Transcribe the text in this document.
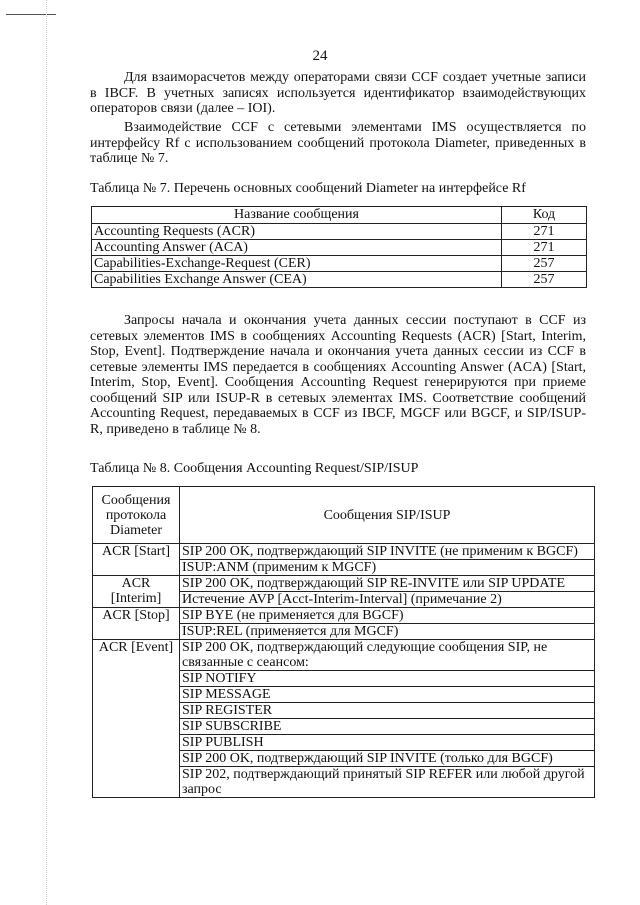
24
Для взаиморасчетов между операторами связи CCF создает учетные записи в IBCF. В учетных записях используется идентификатор взаимодействующих операторов связи (далее – IOI).
Взаимодействие CCF с сетевыми элементами IMS осуществляется по интерфейсу Rf с использованием сообщений протокола Diameter, приведенных в таблице № 7.
Таблица № 7. Перечень основных сообщений Diameter на интерфейсе Rf
Название сообщения	Код
Accounting Requests (ACR)	271
Accounting Answer (ACA)	271
Capabilities-Exchange-Request (CER)	257
Capabilities Exchange Answer (CEA)	257
Запросы начала и окончания учета данных сессии поступают в CCF из сетевых элементов IMS в сообщениях Accounting Requests (ACR) [Start, Interim, Stop, Event]. Подтверждение начала и окончания учета данных сессии из CCF в сетевые элементы IMS передается в сообщениях Accounting Answer (ACA) [Start, Interim, Stop, Event]. Сообщения Accounting Request генерируются при приеме сообщений SIP или ISUP-R в сетевых элементах IMS. Соответствие сообщений Accounting Request, передаваемых в CCF из IBCF, MGCF или BGCF, и SIP/ISUP-R, приведено в таблице № 8.
Таблица № 8. Сообщения Accounting Request/SIP/ISUP
Сообщения протокола Diameter	Сообщения SIP/ISUP
ACR [Start]	SIP 200 OK, подтверждающий SIP INVITE (не применим к BGCF)
	ISUP:ANM (применим к MGCF)
ACR [Interim]	SIP 200 OK, подтверждающий SIP RE-INVITE или SIP UPDATE
	Истечение AVP [Acct-Interim-Interval] (примечание 2)
ACR [Stop]	SIP BYE (не применяется для BGCF)
	ISUP:REL (применяется для MGCF)
ACR [Event]	SIP 200 OK, подтверждающий следующие сообщения SIP, не связанные с сеансом:
	SIP NOTIFY
	SIP MESSAGE
	SIP REGISTER
	SIP SUBSCRIBE
	SIP PUBLISH
	SIP 200 OK, подтверждающий SIP INVITE (только для BGCF)
	SIP 202, подтверждающий принятый SIP REFER или любой другой запрос
